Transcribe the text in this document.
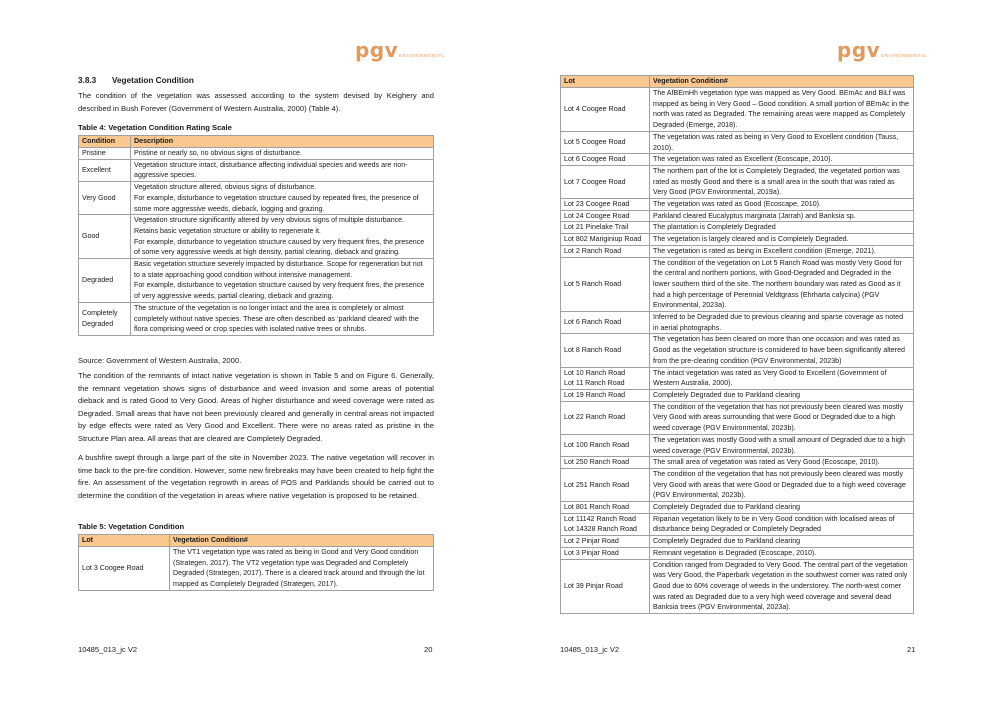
pgv ENVIRONMENTAL
3.8.3 Vegetation Condition

The condition of the vegetation was assessed according to the system devised by Keighery and described in Bush Forever (Government of Western Australia, 2000) (Table 4).

Table 4: Vegetation Condition Rating Scale
Condition	Description
Pristine	Pristine or nearly so, no obvious signs of disturbance.
Excellent	Vegetation structure intact, disturbance affecting individual species and weeds are non-aggressive species.
Very Good	Vegetation structure altered, obvious signs of disturbance.
For example, disturbance to vegetation structure caused by repeated fires, the presence of some more aggressive weeds, dieback, logging and grazing.
Good	Vegetation structure significantly altered by very obvious signs of multiple disturbance. Retains basic vegetation structure or ability to regenerate it.
For example, disturbance to vegetation structure caused by very frequent fires, the presence of some very aggressive weeds at high density, partial clearing, dieback and grazing.
Degraded	Basic vegetation structure severely impacted by disturbance. Scope for regeneration but not to a state approaching good condition without intensive management.
For example, disturbance to vegetation structure caused by very frequent fires, the presence of very aggressive weeds, partial clearing, dieback and grazing.
Completely Degraded	The structure of the vegetation is no longer intact and the area is completely or almost completely without native species. These are often described as ‘parkland cleared’ with the flora comprising weed or crop species with isolated native trees or shrubs.
Source: Government of Western Australia, 2000.

The condition of the remnants of intact native vegetation is shown in Table 5 and on Figure 6. Generally, the remnant vegetation shows signs of disturbance and weed invasion and some areas of potential dieback and is rated Good to Very Good. Areas of higher disturbance and weed coverage were rated as Degraded. Small areas that have not been previously cleared and generally in central areas not impacted by edge effects were rated as Very Good and Excellent. There were no areas rated as pristine in the Structure Plan area. All areas that are cleared are Completely Degraded.

A bushfire swept through a large part of the site in November 2023. The native vegetation will recover in time back to the pre-fire condition. However, some new firebreaks may have been created to help fight the fire. An assessment of the vegetation regrowth in areas of POS and Parklands should be carried out to determine the condition of the vegetation in areas where native vegetation is proposed to be retained.

Table 5: Vegetation Condition
Lot	Vegetation Condition#
Lot 3 Coogee Road	The VT1 vegetation type was rated as being in Good and Very Good condition (Strategen, 2017). The VT2 vegetation type was Degraded and Completely Degraded (Strategen, 2017). There is a cleared track around and through the lot mapped as Completely Degraded (Strategen, 2017).
10485_013_jc V2	20
pgv ENVIRONMENTAL
Lot	Vegetation Condition#
Lot 4 Coogee Road	The AfBEmHh vegetation type was mapped as Very Good. BEmAc and BiLf was mapped as being in Very Good – Good condition. A small portion of BEmAc in the north was rated as Degraded. The remaining areas were mapped as Completely Degraded (Emerge, 2018).
Lot 5 Coogee Road	The vegetation was rated as being in Very Good to Excellent condition (Tauss, 2010).
Lot 6 Coogee Road	The vegetation was rated as Excellent (Ecoscape, 2010).
Lot 7 Coogee Road	The northern part of the lot is Completely Degraded, the vegetated portion was rated as mostly Good and there is a small area in the south that was rated as Very Good (PGV Environmental, 2019a).
Lot 23 Coogee Road	The vegetation was rated as Good (Ecoscape, 2010).
Lot 24 Coogee Road	Parkland cleared Eucalyptus marginata (Jarrah) and Banksia sp.
Lot 21 Pinelake Trail	The plantation is Completely Degraded
Lot 802 Mariginiup Road	The vegetation is largely cleared and is Completely Degraded.
Lot 2 Ranch Road	The vegetation is rated as being in Excellent condition (Emerge, 2021).
Lot 5 Ranch Road	The condition of the vegetation on Lot 5 Ranch Road was mostly Very Good for the central and northern portions, with Good-Degraded and Degraded in the lower southern third of the site. The northern boundary was rated as Good as it had a high percentage of Perennial Veldtgrass (Ehrharta calycina) (PGV Environmental, 2023a).
Lot 6 Ranch Road	Inferred to be Degraded due to previous clearing and sparse coverage as noted in aerial photographs.
Lot 8 Ranch Road	The vegetation has been cleared on more than one occasion and was rated as Good as the vegetation structure is considered to have been significantly altered from the pre-clearing condition (PGV Environmental, 2023b)
Lot 10 Ranch Road
Lot 11 Ranch Road	The intact vegetation was rated as Very Good to Excellent (Government of Western Australia, 2000).
Lot 19 Ranch Road	Completely Degraded due to Parkland clearing
Lot 22 Ranch Road	The condition of the vegetation that has not previously been cleared was mostly Very Good with areas surrounding that were Good or Degraded due to a high weed coverage (PGV Environmental, 2023b).
Lot 100 Ranch Road	The vegetation was mostly Good with a small amount of Degraded due to a high weed coverage (PGV Environmental, 2023b).
Lot 250 Ranch Road	The small area of vegetation was rated as Very Good (Ecoscape, 2010).
Lot 251 Ranch Road	The condition of the vegetation that has not previously been cleared was mostly Very Good with areas that were Good or Degraded due to a high weed coverage (PGV Environmental, 2023b).
Lot 801 Ranch Road	Completely Degraded due to Parkland clearing
Lot 11142 Ranch Road
Lot 14328 Ranch Road	Riparian vegetation likely to be in Very Good condition with localised areas of disturbance being Degraded or Completely Degraded
Lot 2 Pinjar Road	Completely Degraded due to Parkland clearing
Lot 3 Pinjar Road	Remnant vegetation is Degraded (Ecoscape, 2010).
Lot 39 Pinjar Road	Condition ranged from Degraded to Very Good. The central part of the vegetation was Very Good, the Paperbark vegetation in the southwest corner was rated only Good due to 60% coverage of weeds in the understorey. The north-west corner was rated as Degraded due to a very high weed coverage and several dead Banksia trees (PGV Environmental, 2023a).
10485_013_jc V2	21
